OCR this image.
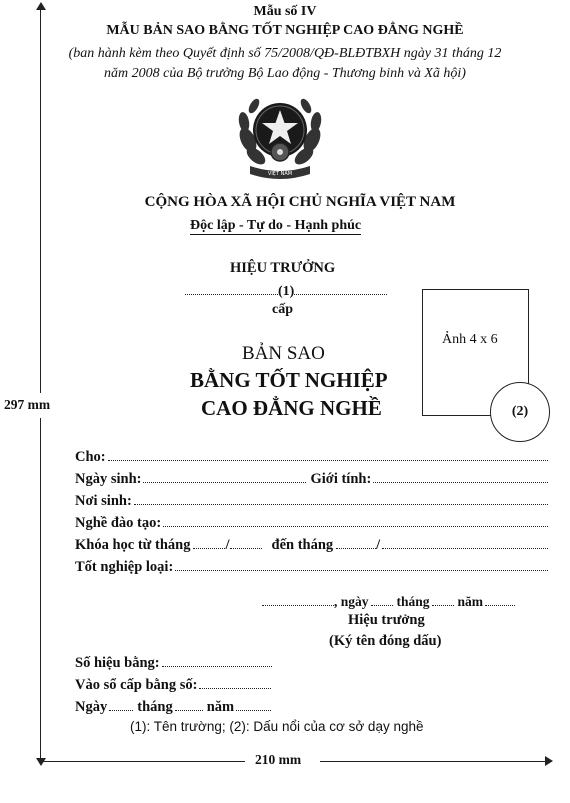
297 mm
210 mm
Mẫu số IV
MẪU BẢN SAO BẰNG TỐT NGHIỆP CAO ĐẲNG NGHỀ
(ban hành kèm theo Quyết định số 75/2008/QĐ-BLĐTBXH ngày 31 tháng 12
năm 2008 của Bộ trưởng Bộ Lao động - Thương binh và Xã hội)
VIỆT NAM
CỘNG HÒA XÃ HỘI CHỦ NGHĨA VIỆT NAM
Độc lập - Tự do - Hạnh phúc
HIỆU TRƯỞNG
(1)
cấp
Ảnh 4 x 6
(2)
BẢN SAO
BẰNG TỐT NGHIỆP
CAO ĐẲNG NGHỀ
Cho:
Ngày sinh:	Giới tính:
Nơi sinh:
Nghề đào tạo:
Khóa học từ tháng /	đến tháng	/
Tốt nghiệp loại:
, ngày tháng năm
Hiệu trưởng
(Ký tên đóng dấu)
Số hiệu bằng:
Vào sổ cấp bằng số:
Ngày tháng năm
(1): Tên trường; (2): Dấu nổi của cơ sở dạy nghề
